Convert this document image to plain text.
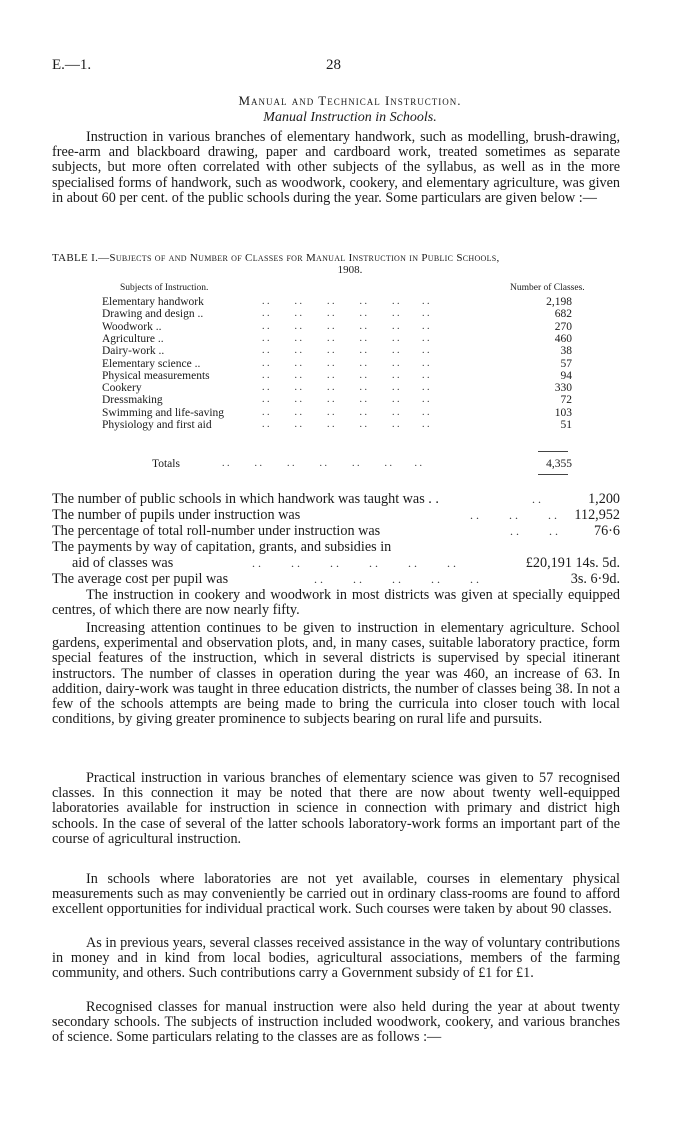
E.—1.	28
Manual and Technical Instruction.
Manual Instruction in Schools.

Instruction in various branches of elementary handwork, such as modelling, brush-drawing, free-arm and blackboard drawing, paper and cardboard work, treated sometimes as separate subjects, but more often correlated with other subjects of the syllabus, as well as in the more specialised forms of handwork, such as woodwork, cookery, and elementary agriculture, was given in about 60 per cent. of the public schools during the year. Some particulars are given below :—

TABLE I.—Subjects of and Number of Classes for Manual Instruction in Public Schools,
1908.
Subjects of Instruction.	Number of Classes.
Elementary handwork	. .          . .          . .          . .          . .         . .	2,198
Drawing and design ..	. .          . .          . .          . .          . .         . .	682
Woodwork ..	. .          . .          . .          . .          . .         . .	270
Agriculture ..	. .          . .          . .          . .          . .         . .	460
Dairy-work ..	. .          . .          . .          . .          . .         . .	38
Elementary science ..	. .          . .          . .          . .          . .         . .	57
Physical measurements	. .          . .          . .          . .          . .         . .	94
Cookery	. .          . .          . .          . .          . .         . .	330
Dressmaking	. .          . .          . .          . .          . .         . .	72
Swimming and life-saving	. .          . .          . .          . .          . .         . .	103
Physiology and first aid	. .          . .          . .          . .          . .         . .	51
Totals	. .          . .          . .          . .          . .          . .         . .	4,355
The number of public schools in which handwork was taught was . .	. .	1,200
The number of pupils under instruction was	. .          . .          . . 112,952
The percentage of total roll-number under instruction was	. .          . .	76·6
The payments by way of capitation, grants, and subsidies in
aid of classes was	. .          . .          . .          . .          . .          . .	£20,191 14s. 5d.
The average cost per pupil was	. .          . .          . .          . .          . .	3s. 6·9d.

The instruction in cookery and woodwork in most districts was given at specially equipped centres, of which there are now nearly fifty.

Increasing attention continues to be given to instruction in elementary agriculture. School gardens, experimental and observation plots, and, in many cases, suitable laboratory practice, form special features of the instruction, which in several districts is supervised by special itinerant instructors. The number of classes in operation during the year was 460, an increase of 63. In addition, dairy-work was taught in three education districts, the number of classes being 38. In not a few of the schools attempts are being made to bring the curricula into closer touch with local conditions, by giving greater prominence to subjects bearing on rural life and pursuits.

Practical instruction in various branches of elementary science was given to 57 recognised classes. In this connection it may be noted that there are now about twenty well-equipped laboratories available for instruction in science in connection with primary and district high schools. In the case of several of the latter schools laboratory-work forms an important part of the course of agricultural instruction.

In schools where laboratories are not yet available, courses in elementary physical measurements such as may conveniently be carried out in ordinary class-rooms are found to afford excellent opportunities for individual practical work. Such courses were taken by about 90 classes.

As in previous years, several classes received assistance in the way of voluntary contributions in money and in kind from local bodies, agricultural associations, members of the farming community, and others. Such contributions carry a Government subsidy of £1 for £1.

Recognised classes for manual instruction were also held during the year at about twenty secondary schools. The subjects of instruction included woodwork, cookery, and various branches of science. Some particulars relating to the classes are as follows :—
